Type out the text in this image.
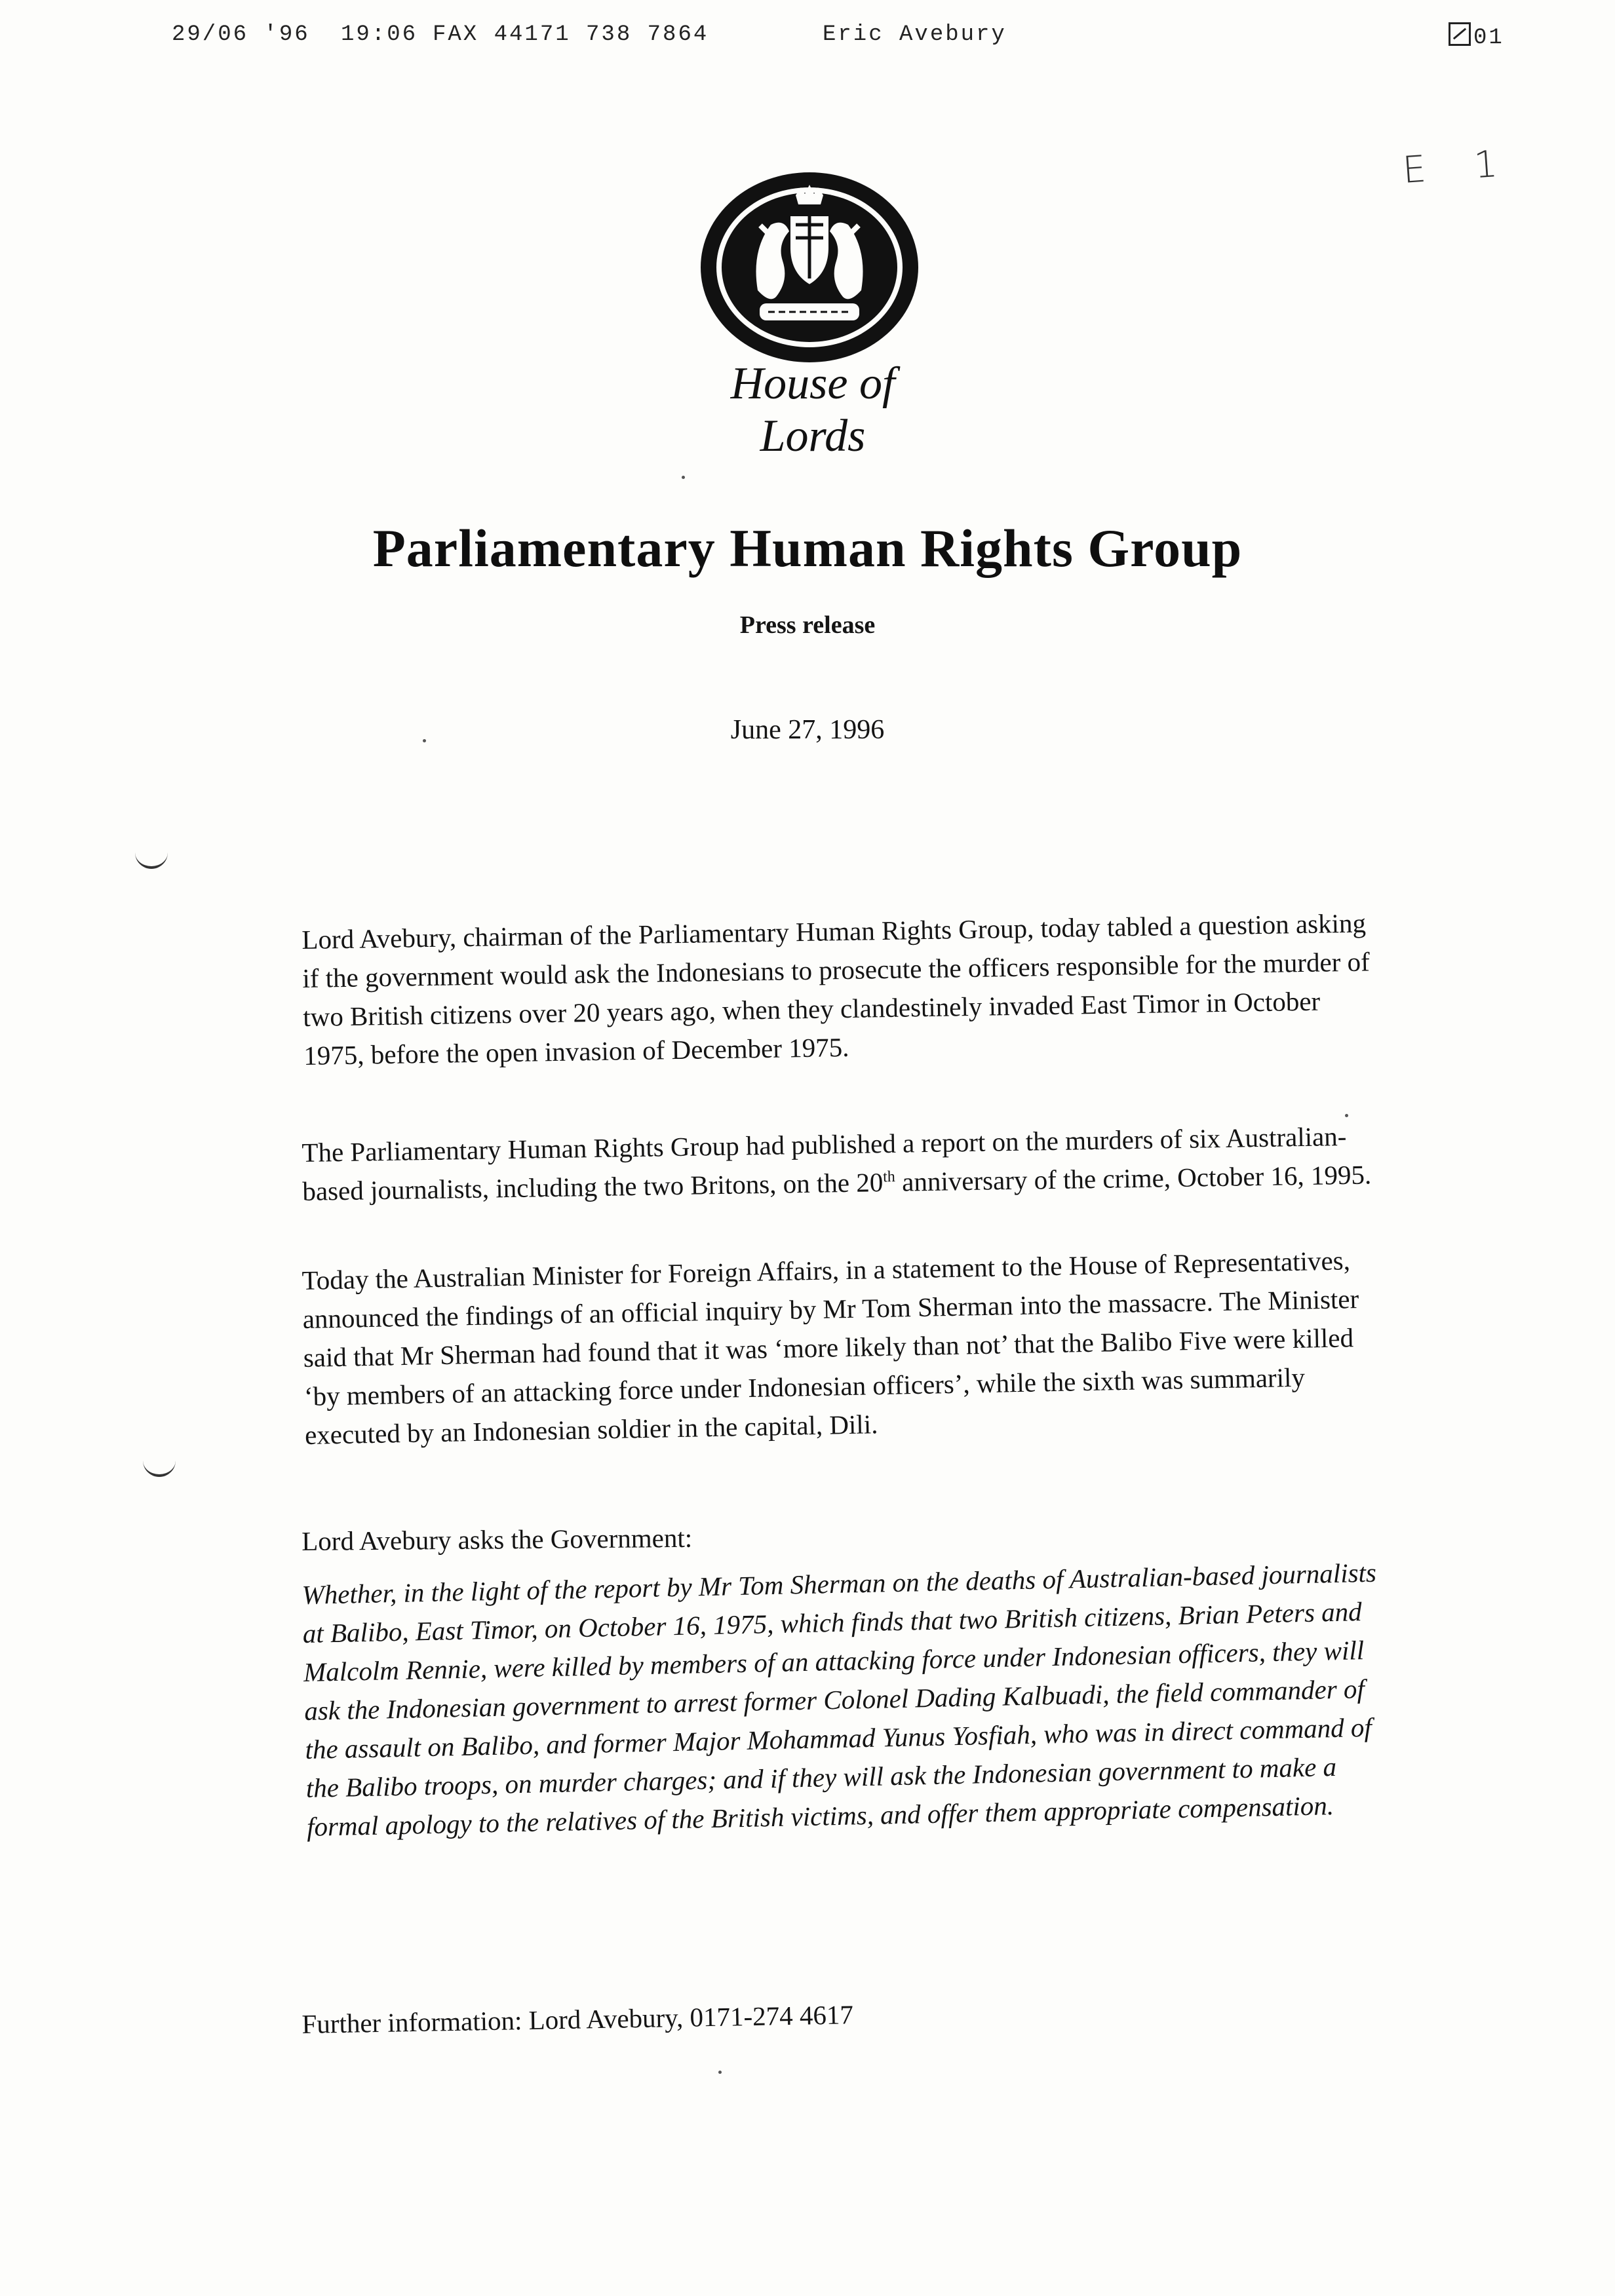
29/06 '96 19:06 FAX 44171 738 7864	Eric Avebury	01
E 1
House of Lords
Parliamentary Human Rights Group
Press release
June 27, 1996

Lord Avebury, chairman of the Parliamentary Human Rights Group, today tabled a question asking if the government would ask the Indonesians to prosecute the officers responsible for the murder of two British citizens over 20 years ago, when they clandestinely invaded East Timor in October 1975, before the open invasion of December 1975.

The Parliamentary Human Rights Group had published a report on the murders of six Australian-based journalists, including the two Britons, on the 20th anniversary of the crime, October 16, 1995.

Today the Australian Minister for Foreign Affairs, in a statement to the House of Representatives, announced the findings of an official inquiry by Mr Tom Sherman into the massacre. The Minister said that Mr Sherman had found that it was ‘more likely than not’ that the Balibo Five were killed ‘by members of an attacking force under Indonesian officers’, while the sixth was summarily executed by an Indonesian soldier in the capital, Dili.

Lord Avebury asks the Government:

Whether, in the light of the report by Mr Tom Sherman on the deaths of Australian-based journalists at Balibo, East Timor, on October 16, 1975, which finds that two British citizens, Brian Peters and Malcolm Rennie, were killed by members of an attacking force under Indonesian officers, they will ask the Indonesian government to arrest former Colonel Dading Kalbuadi, the field commander of the assault on Balibo, and former Major Mohammad Yunus Yosfiah, who was in direct command of the Balibo troops, on murder charges; and if they will ask the Indonesian government to make a formal apology to the relatives of the British victims, and offer them appropriate compensation.

Further information: Lord Avebury, 0171-274 4617
